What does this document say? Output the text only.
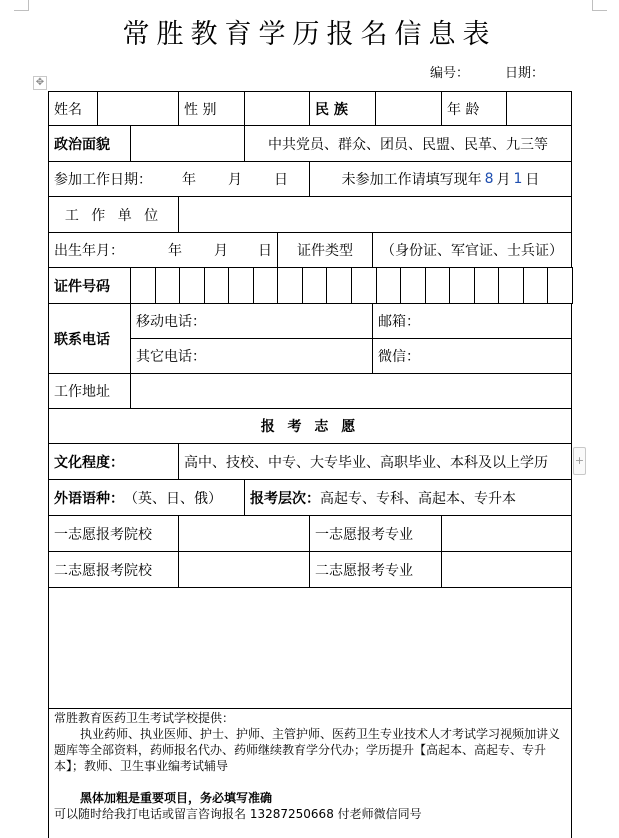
常胜教育学历报名信息表
编号：	日期：
姓名	性 别	民 族	年 龄
政治面貌	中共党员、群众、团员、民盟、民革、九三等
参加工作日期： 年 月 日	未参加工作请填写现年 8 月 1 日
工 作 单 位
出生年月：	年 月 日	证件类型	（身份证、军官证、士兵证）
证件号码
联系电话
移动电话：	邮箱：
其它电话：	微信：
工作地址
报 考 志 愿
文化程度：	高中、技校、中专、大专毕业、高职毕业、本科及以上学历
外语语种： （英、日、俄） 报考层次： 高起专、专科、高起本、专升本
一志愿报考院校	一志愿报考专业
二志愿报考院校	二志愿报考专业

常胜教育医药卫生考试学校提供：

执业药师、执业医师、护士、护师、主管护师、医药卫生专业技术人才考试学习视频加讲义题库等全部资料，药师报名代办、药师继续教育学分代办；学历提升【高起本、高起专、专升本】；教师、卫生事业编考试辅导

黑体加粗是重要项目，务必填写准确

可以随时给我打电话或留言咨询报名 13287250668 付老师微信同号

✥
+
